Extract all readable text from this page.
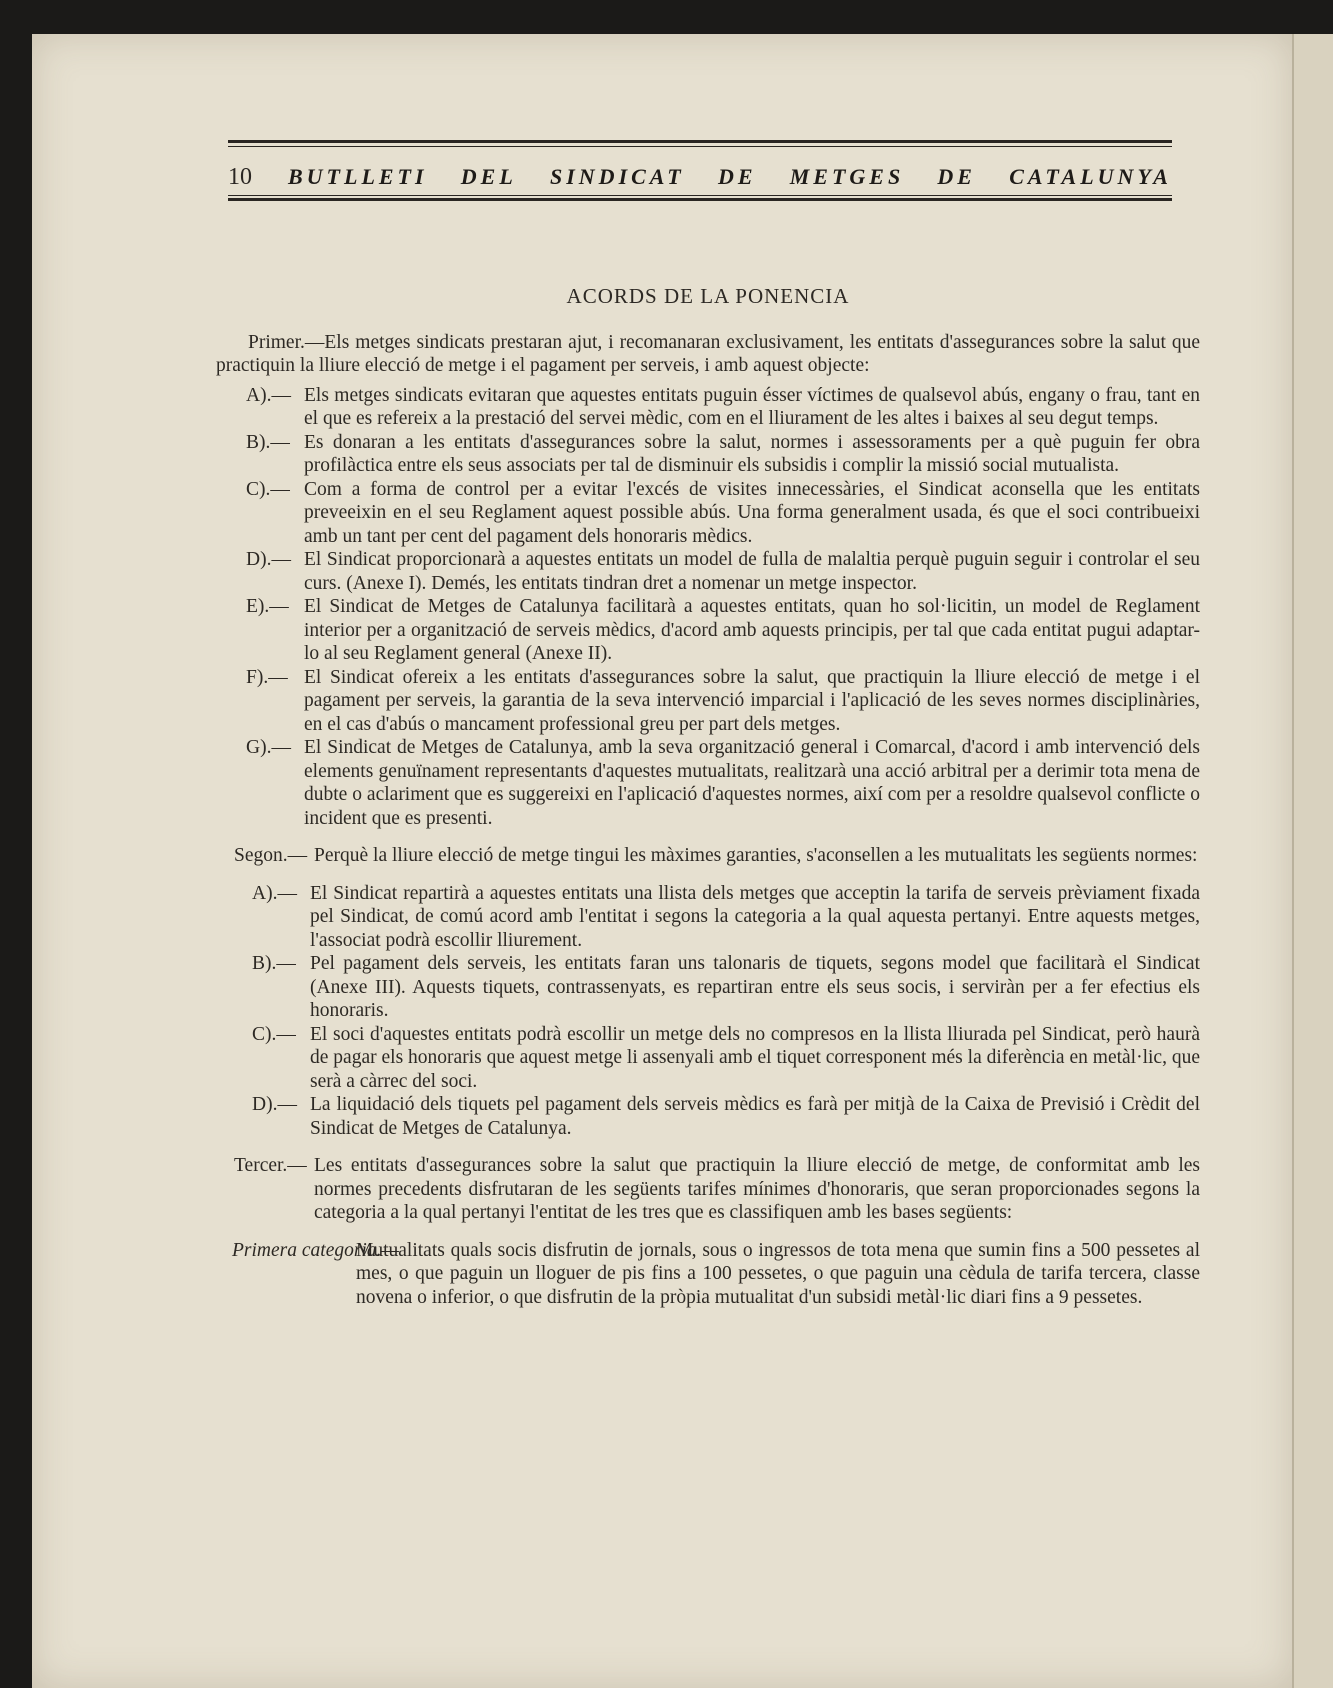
10	BUTLLETI DEL SINDICAT DE METGES DE CATALUNYA
ACORDS DE LA PONENCIA

Primer.—Els metges sindicats prestaran ajut, i recomanaran exclusivament, les entitats d'assegurances sobre la salut que practiquin la lliure elecció de metge i el pagament per serveis, i amb aquest objecte:

A).— Els metges sindicats evitaran que aquestes entitats puguin ésser víctimes de qualsevol abús, engany o frau, tant en el que es refereix a la prestació del servei mèdic, com en el lliurament de les altes i baixes al seu degut temps.
B).— Es donaran a les entitats d'assegurances sobre la salut, normes i assessoraments per a què puguin fer obra profilàctica entre els seus associats per tal de disminuir els subsidis i complir la missió social mutualista.
C).— Com a forma de control per a evitar l'excés de visites innecessàries, el Sindicat aconsella que les entitats preveeixin en el seu Reglament aquest possible abús. Una forma generalment usada, és que el soci contribueixi amb un tant per cent del pagament dels honoraris mèdics.
D).— El Sindicat proporcionarà a aquestes entitats un model de fulla de malaltia perquè puguin seguir i controlar el seu curs. (Anexe I). Demés, les entitats tindran dret a nomenar un metge inspector.
E).— El Sindicat de Metges de Catalunya facilitarà a aquestes entitats, quan ho sol·licitin, un model de Reglament interior per a organització de serveis mèdics, d'acord amb aquests principis, per tal que cada entitat pugui adaptar-lo al seu Reglament general (Anexe II).
F).— El Sindicat ofereix a les entitats d'assegurances sobre la salut, que practiquin la lliure elecció de metge i el pagament per serveis, la garantia de la seva intervenció imparcial i l'aplicació de les seves normes disciplinàries, en el cas d'abús o mancament professional greu per part dels metges.
G).— El Sindicat de Metges de Catalunya, amb la seva organització general i Comarcal, d'acord i amb intervenció dels elements genuïnament representants d'aquestes mutualitats, realitzarà una acció arbitral per a derimir tota mena de dubte o aclariment que es suggereixi en l'aplicació d'aquestes normes, així com per a resoldre qualsevol conflicte o incident que es presenti.
Segon.— Perquè la lliure elecció de metge tingui les màximes garanties, s'aconsellen a les mutualitats les següents normes:
A).— El Sindicat repartirà a aquestes entitats una llista dels metges que acceptin la tarifa de serveis prèviament fixada pel Sindicat, de comú acord amb l'entitat i segons la categoria a la qual aquesta pertanyi. Entre aquests metges, l'associat podrà escollir lliurement.
B).— Pel pagament dels serveis, les entitats faran uns talonaris de tiquets, segons model que facilitarà el Sindicat (Anexe III). Aquests tiquets, contrassenyats, es repartiran entre els seus socis, i serviràn per a fer efectius els honoraris.
C).— El soci d'aquestes entitats podrà escollir un metge dels no compresos en la llista lliurada pel Sindicat, però haurà de pagar els honoraris que aquest metge li assenyali amb el tiquet corresponent més la diferència en metàl·lic, que serà a càrrec del soci.
D).— La liquidació dels tiquets pel pagament dels serveis mèdics es farà per mitjà de la Caixa de Previsió i Crèdit del Sindicat de Metges de Catalunya.
Tercer.— Les entitats d'assegurances sobre la salut que practiquin la lliure elecció de metge, de conformitat amb les normes precedents disfrutaran de les següents tarifes mínimes d'honoraris, que seran proporcionades segons la categoria a la qual pertanyi l'entitat de les tres que es classifiquen amb les bases següents:
Primera categoria.—
Mutualitats quals socis disfrutin de jornals, sous o ingressos de tota mena que sumin fins a 500 pessetes al mes, o que paguin un lloguer de pis fins a 100 pessetes, o que paguin una cèdula de tarifa tercera, classe novena o inferior, o que disfrutin de la pròpia mutualitat d'un subsidi metàl·lic diari fins a 9 pessetes.
